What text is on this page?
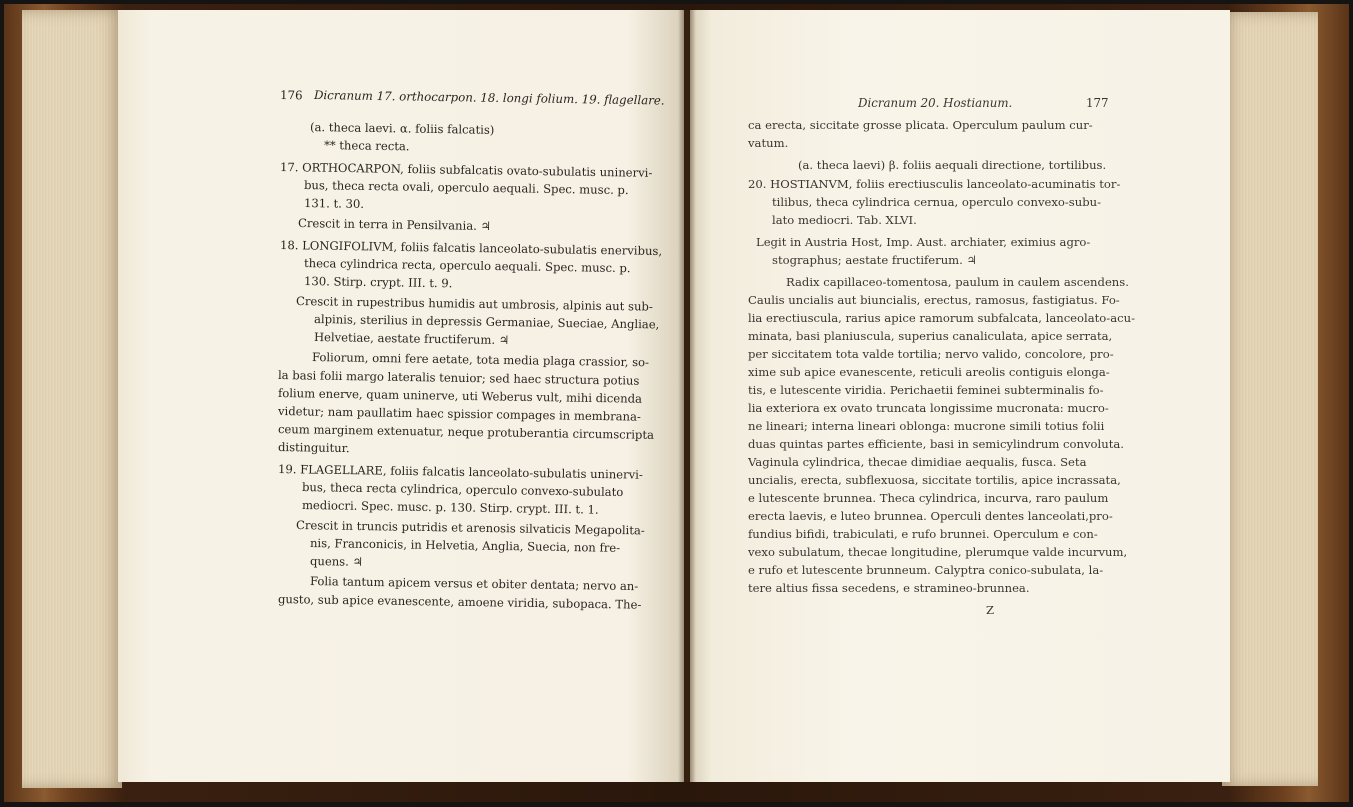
176 Dicranum 17. orthocarpon. 18. longi folium. 19. flagellare.
(a. theca laevi. α. foliis falcatis)
** theca recta.
17. ORTHOCARPON, foliis subfalcatis ovato-subulatis uninervi-
bus, theca recta ovali, operculo aequali. Spec. musc. p.
131. t. 30.
Crescit in terra in Pensilvania. ♃
18. LONGIFOLIVM, foliis falcatis lanceolato-subulatis enervibus,
theca cylindrica recta, operculo aequali. Spec. musc. p.
130. Stirp. crypt. III. t. 9.
Crescit in rupestribus humidis aut umbrosis, alpinis aut sub-
alpinis, sterilius in depressis Germaniae, Sueciae, Angliae,
Helvetiae, aestate fructiferum. ♃
Foliorum, omni fere aetate, tota media plaga crassior, so-
la basi folii margo lateralis tenuior; sed haec structura potius
folium enerve, quam uninerve, uti Weberus vult, mihi dicenda
videtur; nam paullatim haec spissior compages in membrana-
ceum marginem extenuatur, neque protuberantia circumscripta
distinguitur.
19. FLAGELLARE, foliis falcatis lanceolato-subulatis uninervi-
bus, theca recta cylindrica, operculo convexo-subulato
mediocri. Spec. musc. p. 130. Stirp. crypt. III. t. 1.
Crescit in truncis putridis et arenosis silvaticis Megapolita-
nis, Franconicis, in Helvetia, Anglia, Suecia, non fre-
quens. ♃
Folia tantum apicem versus et obiter dentata; nervo an-
gusto, sub apice evanescente, amoene viridia, subopaca. The-
Dicranum 20. Hostianum.	177
ca erecta, siccitate grosse plicata. Operculum paulum cur-
vatum.
(a. theca laevi) β. foliis aequali directione, tortilibus.
20. HOSTIANVM, foliis erectiusculis lanceolato-acuminatis tor-
tilibus, theca cylindrica cernua, operculo convexo-subu-
lato mediocri. Tab. XLVI.
Legit in Austria Host, Imp. Aust. archiater, eximius agro-
stographus; aestate fructiferum. ♃
Radix capillaceo-tomentosa, paulum in caulem ascendens.
Caulis uncialis aut biuncialis, erectus, ramosus, fastigiatus. Fo-
lia erectiuscula, rarius apice ramorum subfalcata, lanceolato-acu-
minata, basi planiuscula, superius canaliculata, apice serrata,
per siccitatem tota valde tortilia; nervo valido, concolore, pro-
xime sub apice evanescente, reticuli areolis contiguis elonga-
tis, e lutescente viridia. Perichaetii feminei subterminalis fo-
lia exteriora ex ovato truncata longissime mucronata: mucro-
ne lineari; interna lineari oblonga: mucrone simili totius folii
duas quintas partes efficiente, basi in semicylindrum convoluta.
Vaginula cylindrica, thecae dimidiae aequalis, fusca. Seta
uncialis, erecta, subflexuosa, siccitate tortilis, apice incrassata,
e lutescente brunnea. Theca cylindrica, incurva, raro paulum
erecta laevis, e luteo brunnea. Operculi dentes lanceolati,pro-
fundius bifidi, trabiculati, e rufo brunnei. Operculum e con-
vexo subulatum, thecae longitudine, plerumque valde incurvum,
e rufo et lutescente brunneum. Calyptra conico-subulata, la-
tere altius fissa secedens, e stramineo-brunnea.
Z
